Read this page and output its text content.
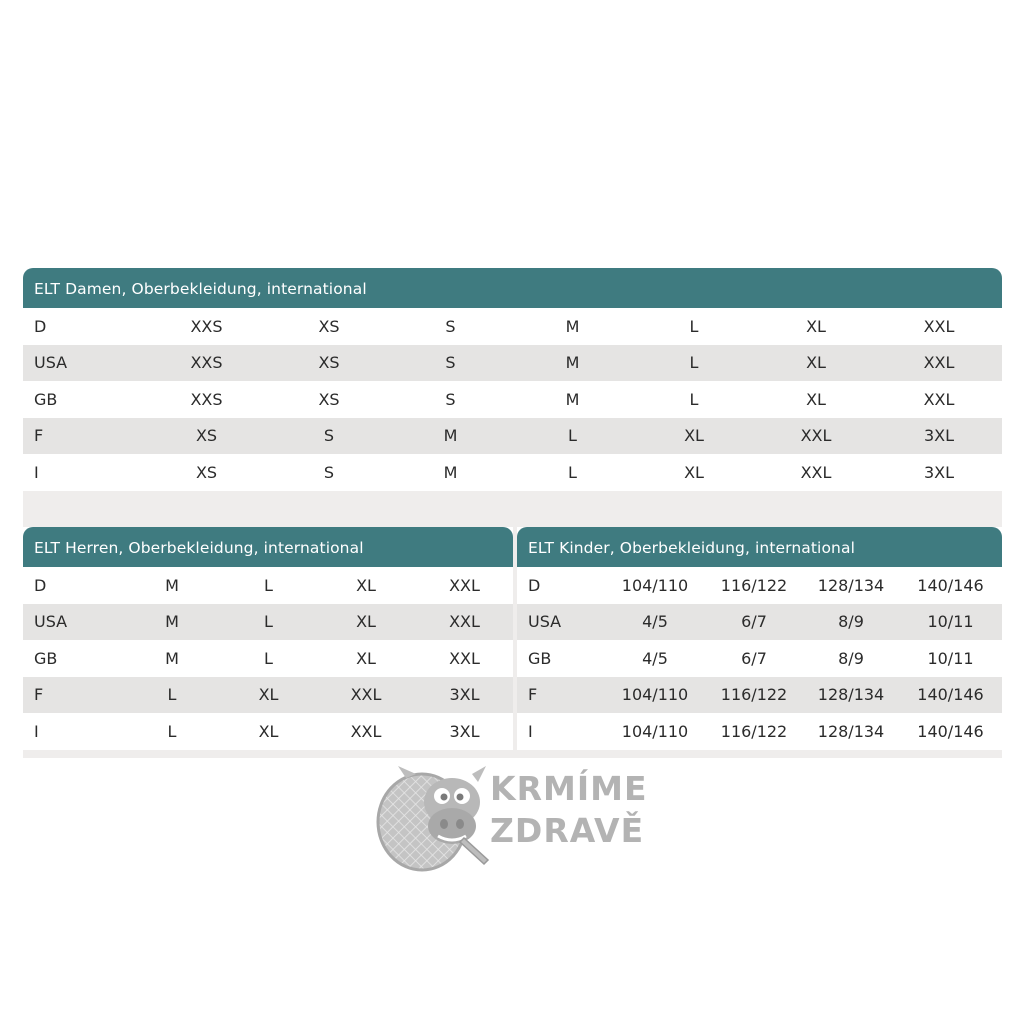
ELT Damen, Oberbekleidung, international
D	XXS	XS	S	M	L	XL	XXL
USA	XXS	XS	S	M	L	XL	XXL
GB	XXS	XS	S	M	L	XL	XXL
F	XS	S	M	L	XL	XXL	3XL
I	XS	S	M	L	XL	XXL	3XL
ELT Herren, Oberbekleidung, international
D	M	L	XL	XXL
USA	M	L	XL	XXL
GB	M	L	XL	XXL
F	L	XL	XXL	3XL
I	L	XL	XXL	3XL
ELT Kinder, Oberbekleidung, international
D	104/110	116/122	128/134	140/146
USA	4/5	6/7	8/9	10/11
GB	4/5	6/7	8/9	10/11
F	104/110	116/122	128/134	140/146
I	104/110	116/122	128/134	140/146
KRMÍME
ZDRAVĚ
